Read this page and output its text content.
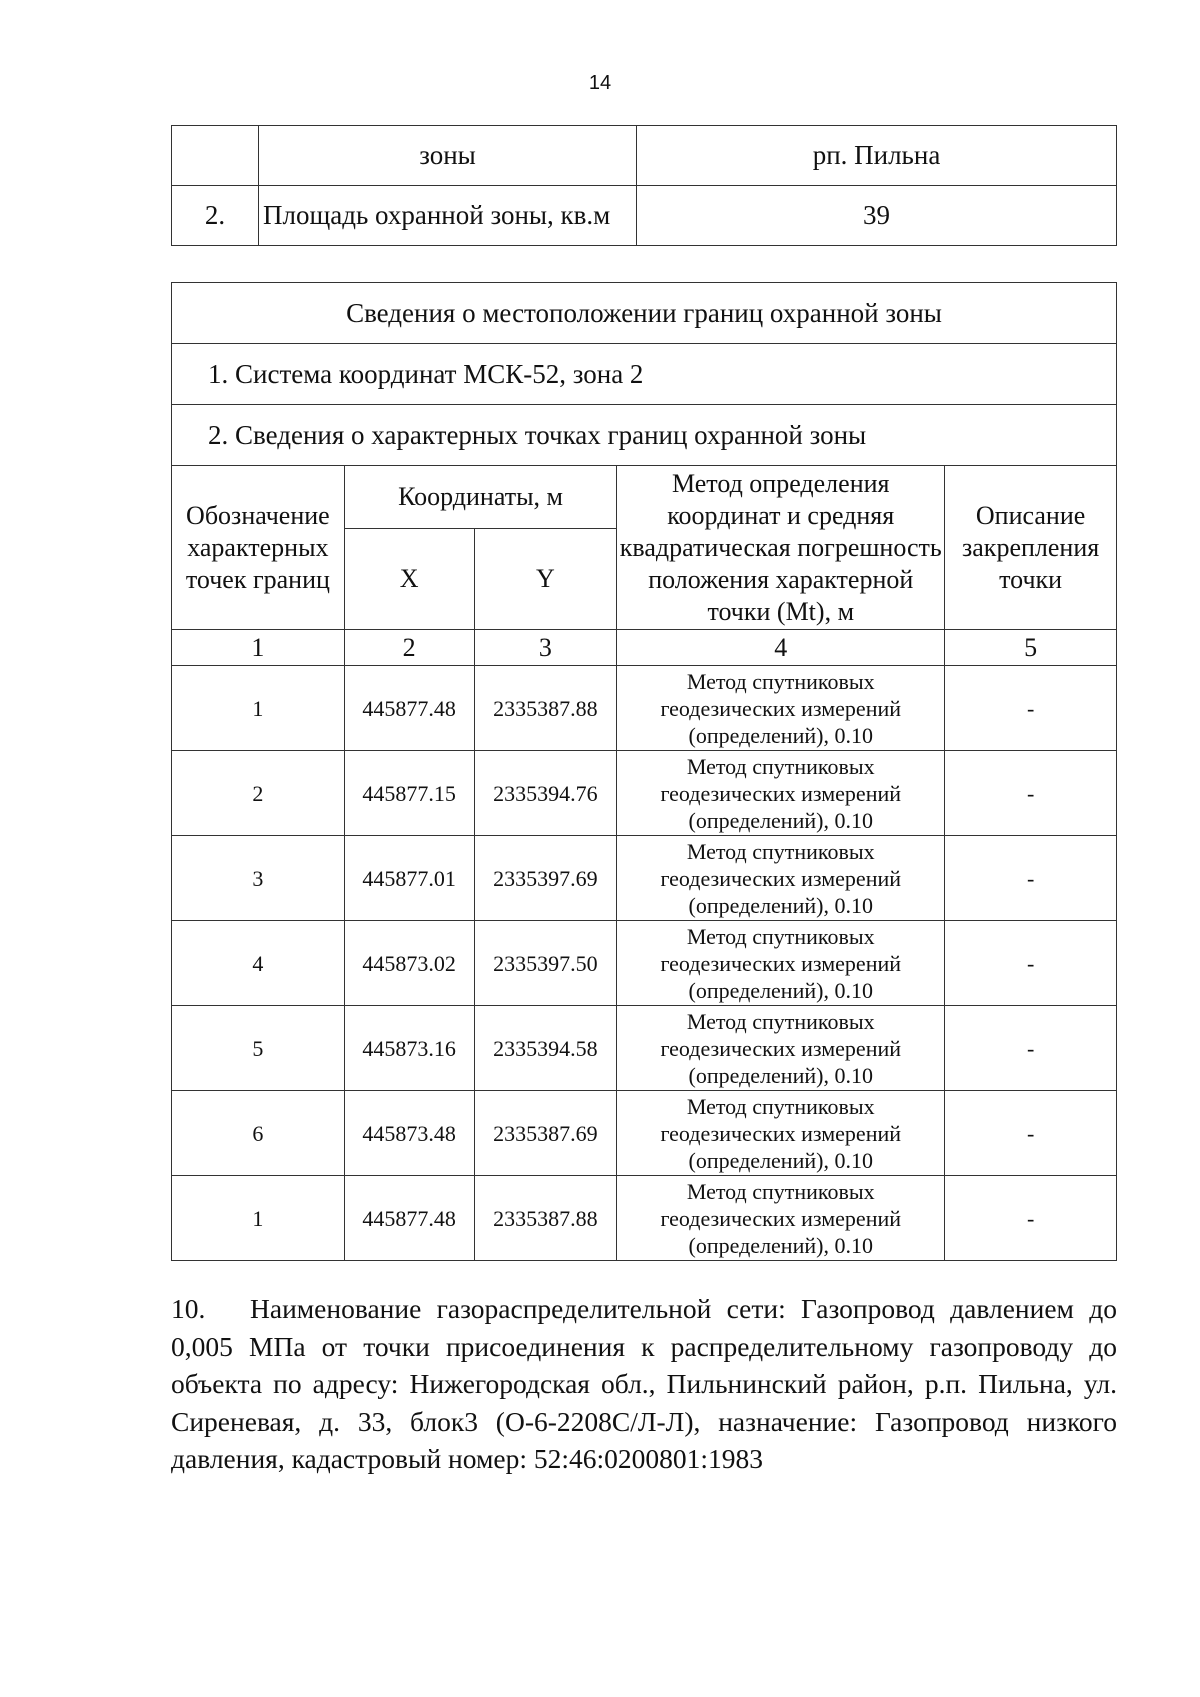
14
	зоны	рп. Пильна
2.	Площадь охранной зоны, кв.м	39
Сведения о местоположении границ охранной зоны				
1. Система координат МСК-52, зона 2				
2. Сведения о характерных точках границ охранной зоны				
Обозначение характерных точек границ	Координаты, м		Метод определения координат и средняя квадратическая погрешность положения характерной точки (Mt), м	Описание закрепления точки
	X	Y		
1	2	3	4	5
1	445877.48	2335387.88	Метод спутниковых геодезических измерений (определений), 0.10	-
2	445877.15	2335394.76	Метод спутниковых геодезических измерений (определений), 0.10	-
3	445877.01	2335397.69	Метод спутниковых геодезических измерений (определений), 0.10	-
4	445873.02	2335397.50	Метод спутниковых геодезических измерений (определений), 0.10	-
5	445873.16	2335394.58	Метод спутниковых геодезических измерений (определений), 0.10	-
6	445873.48	2335387.69	Метод спутниковых геодезических измерений (определений), 0.10	-
1	445877.48	2335387.88	Метод спутниковых геодезических измерений (определений), 0.10	-
10. Наименование газораспределительной сети: Газопровод давлением до 0,005 МПа от точки присоединения к распределительному газопроводу до объекта по адресу: Нижегородская обл., Пильнинский район, р.п. Пильна, ул. Сиреневая, д. 33, блок3 (О-6-2208С/Л-Л), назначение: Газопровод низкого давления, кадастровый номер: 52:46:0200801:1983
